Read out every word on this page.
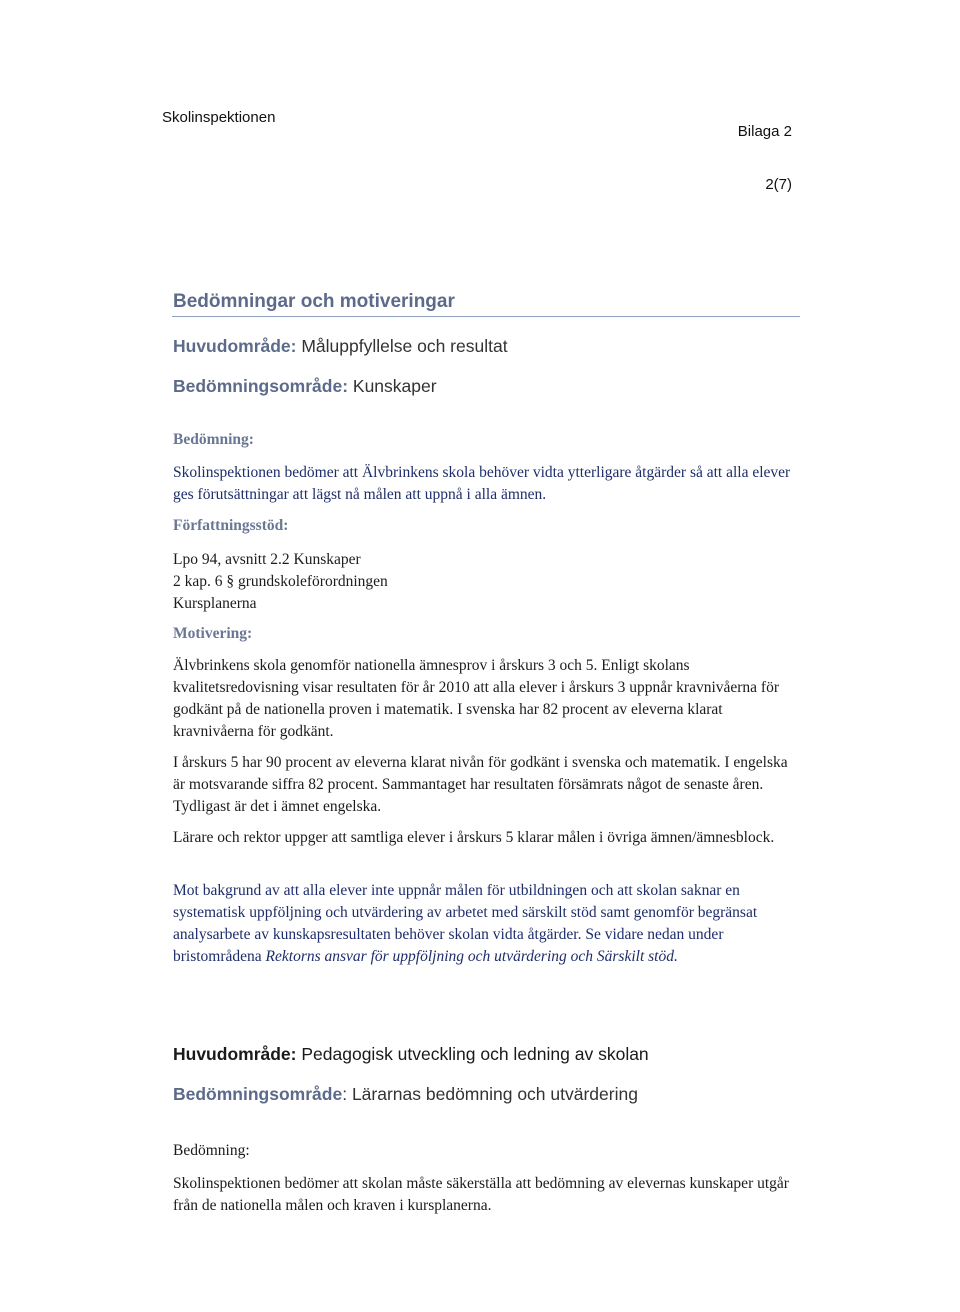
Skolinspektionen
Bilaga 2
2(7)
Bedömningar och motiveringar
Huvudområde: Måluppfyllelse och resultat
Bedömningsområde: Kunskaper
Bedömning:
Skolinspektionen bedömer att Älvbrinkens skola behöver vidta ytterligare åtgärder så att alla elever ges förutsättningar att lägst nå målen att uppnå i alla ämnen.
Författningsstöd:
Lpo 94, avsnitt 2.2 Kunskaper
2 kap. 6 § grundskoleförordningen
Kursplanerna
Motivering:
Älvbrinkens skola genomför nationella ämnesprov i årskurs 3 och 5. Enligt skolans kvalitetsredovisning visar resultaten för år 2010 att alla elever i årskurs 3 uppnår kravnivåerna för godkänt på de nationella proven i matematik. I svenska har 82 procent av eleverna klarat kravnivåerna för godkänt.
I årskurs 5 har 90 procent av eleverna klarat nivån för godkänt i svenska och matematik. I engelska är motsvarande siffra 82 procent. Sammantaget har resultaten försämrats något de senaste åren. Tydligast är det i ämnet engelska.
Lärare och rektor uppger att samtliga elever i årskurs 5 klarar målen i övriga ämnen/ämnesblock.
Mot bakgrund av att alla elever inte uppnår målen för utbildningen och att skolan saknar en systematisk uppföljning och utvärdering av arbetet med särskilt stöd samt genomför begränsat analysarbete av kunskapsresultaten behöver skolan vidta åtgärder. Se vidare nedan under bristområdena Rektorns ansvar för uppföljning och utvärdering och Särskilt stöd.
Huvudområde: Pedagogisk utveckling och ledning av skolan
Bedömningsområde: Lärarnas bedömning och utvärdering
Bedömning:
Skolinspektionen bedömer att skolan måste säkerställa att bedömning av elevernas kunskaper utgår från de nationella målen och kraven i kursplanerna.
